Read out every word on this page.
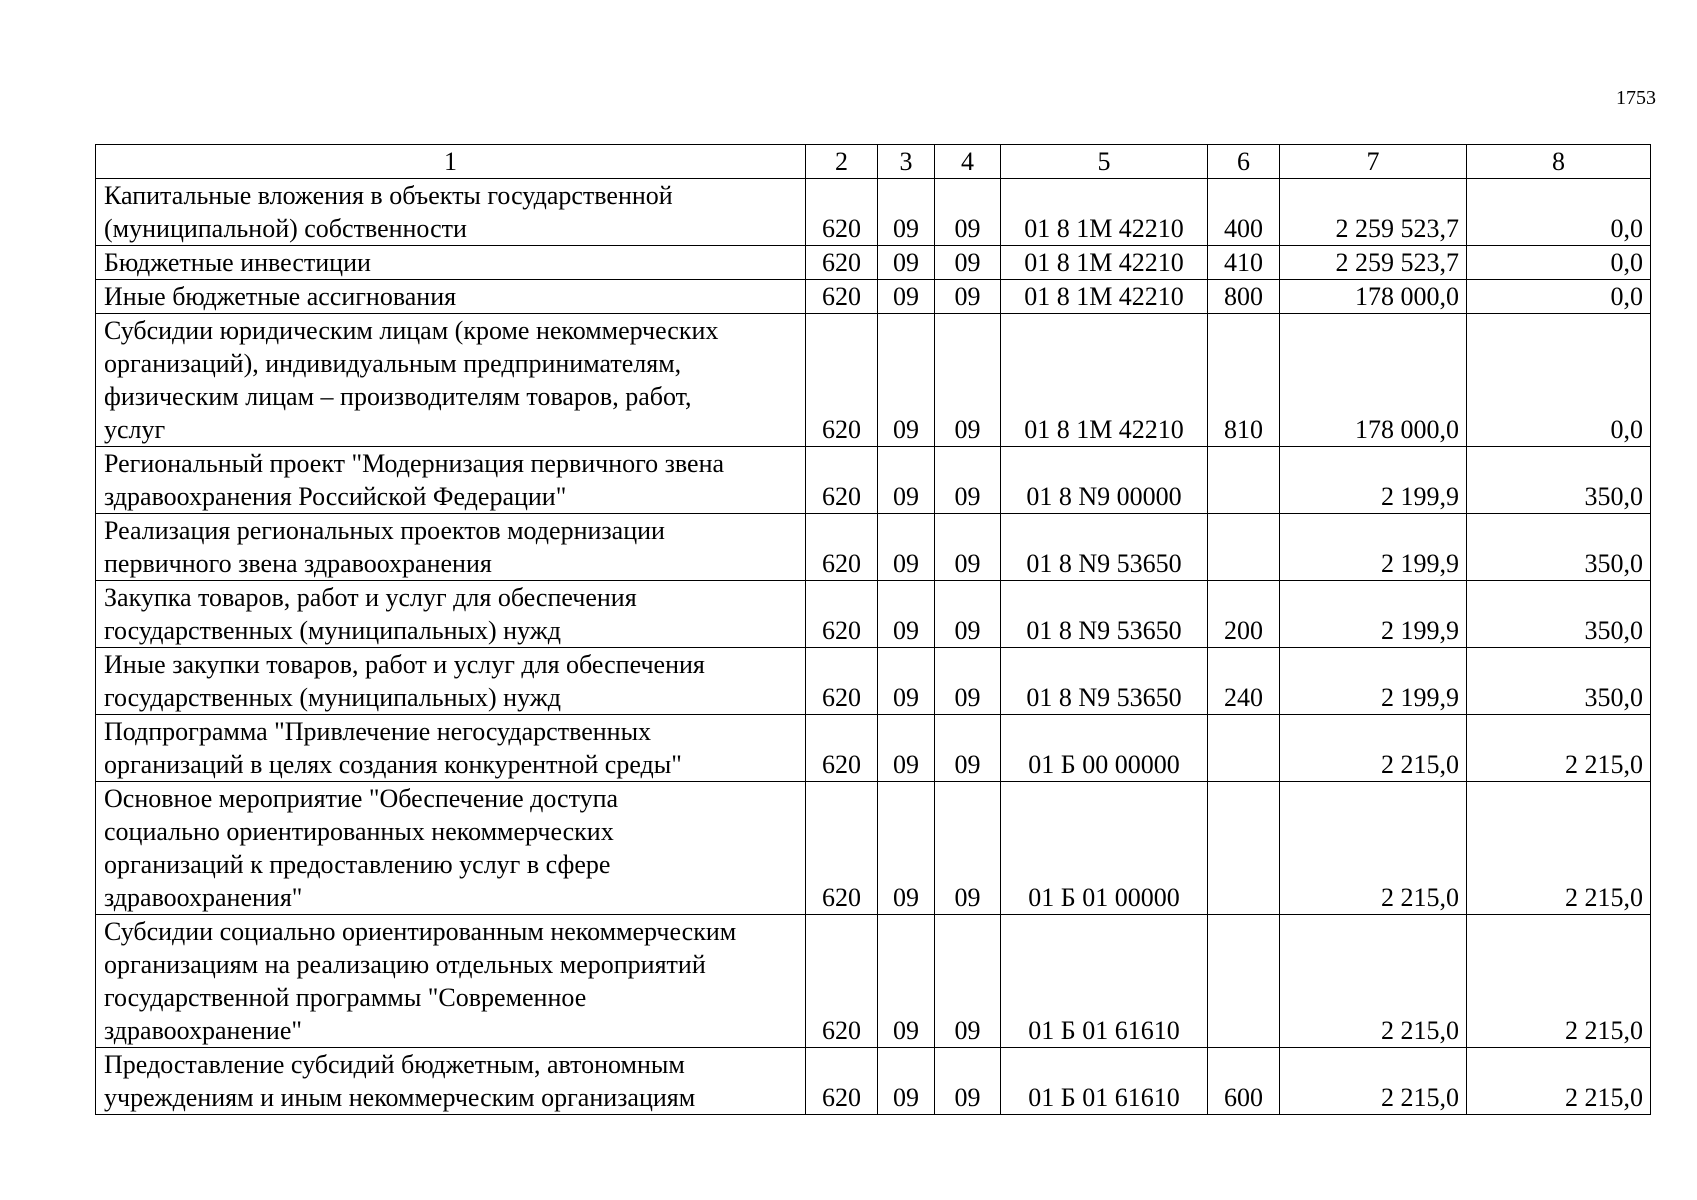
1753
1	2	3	4	5	6	7	8

Капитальные вложения в объекты государственной
(муниципальной) собственности	620	09	09	01 8 1М 42210	400	2 259 523,7	0,0

Бюджетные инвестиции	620	09	09	01 8 1М 42210	410	2 259 523,7	0,0

Иные бюджетные ассигнования	620	09	09	01 8 1М 42210	800	178 000,0	0,0

Субсидии юридическим лицам (кроме некоммерческих
организаций), индивидуальным предпринимателям,
физическим лицам – производителям товаров, работ,
услуг	620	09	09	01 8 1М 42210	810	178 000,0	0,0

Региональный проект "Модернизация первичного звена
здравоохранения Российской Федерации"	620	09	09	01 8 N9 00000		2 199,9	350,0

Реализация региональных проектов модернизации
первичного звена здравоохранения	620	09	09	01 8 N9 53650		2 199,9	350,0

Закупка товаров, работ и услуг для обеспечения
государственных (муниципальных) нужд	620	09	09	01 8 N9 53650	200	2 199,9	350,0

Иные закупки товаров, работ и услуг для обеспечения
государственных (муниципальных) нужд	620	09	09	01 8 N9 53650	240	2 199,9	350,0

Подпрограмма "Привлечение негосударственных
организаций в целях создания конкурентной среды"	620	09	09	01 Б 00 00000		2 215,0	2 215,0

Основное мероприятие "Обеспечение доступа
социально ориентированных некоммерческих
организаций к предоставлению услуг в сфере
здравоохранения"	620	09	09	01 Б 01 00000		2 215,0	2 215,0

Субсидии социально ориентированным некоммерческим
организациям на реализацию отдельных мероприятий
государственной программы "Современное
здравоохранение"	620	09	09	01 Б 01 61610		2 215,0	2 215,0

Предоставление субсидий бюджетным, автономным
учреждениям и иным некоммерческим организациям	620	09	09	01 Б 01 61610	600	2 215,0	2 215,0
